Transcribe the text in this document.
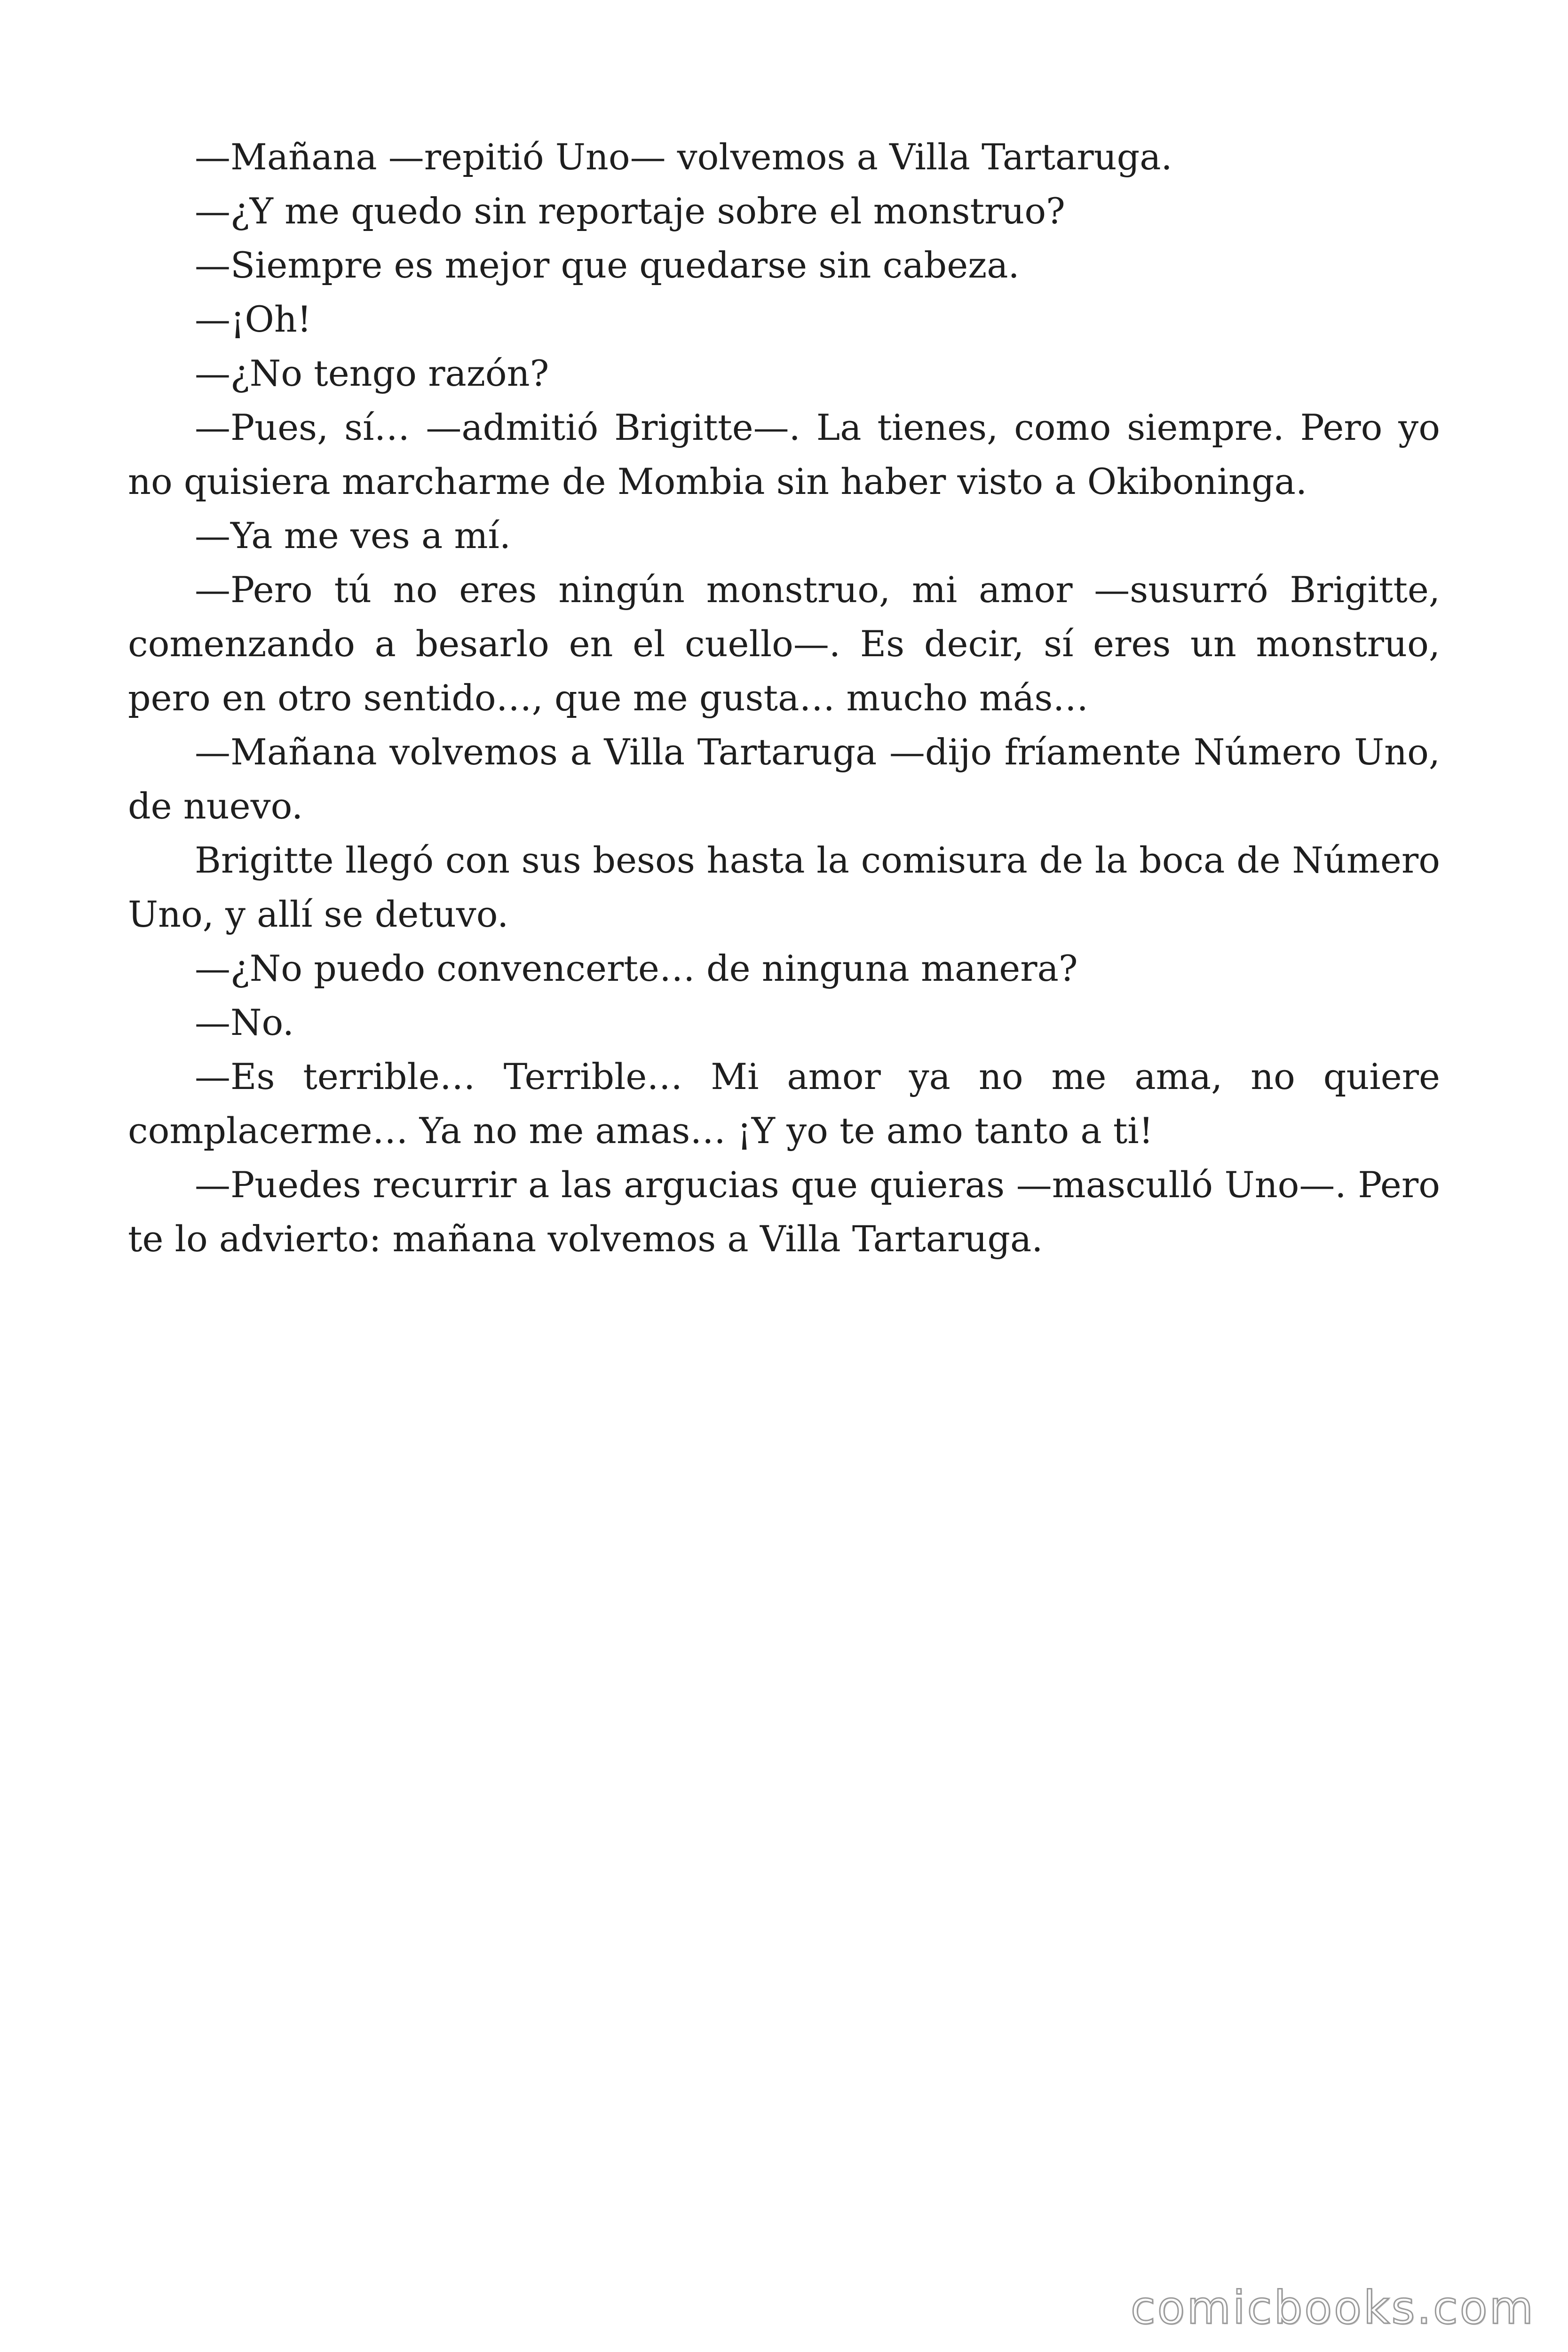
—Mañana —repitió Uno— volvemos a Villa Tartaruga.

—¿Y me quedo sin reportaje sobre el monstruo?

—Siempre es mejor que quedarse sin cabeza.

—¡Oh!

—¿No tengo razón?

—Pues, sí… —admitió Brigitte—. La tienes, como siempre. Pero yo no quisiera marcharme de Mombia sin haber visto a Okiboninga.

—Ya me ves a mí.

—Pero tú no eres ningún monstruo, mi amor —susurró Brigitte, comenzando a besarlo en el cuello—. Es decir, sí eres un monstruo, pero en otro sentido…, que me gusta… mucho más…

—Mañana volvemos a Villa Tartaruga —dijo fríamente Número Uno, de nuevo.

Brigitte llegó con sus besos hasta la comisura de la boca de Número Uno, y allí se detuvo.

—¿No puedo convencerte… de ninguna manera?

—No.

—Es terrible… Terrible… Mi amor ya no me ama, no quiere complacerme… Ya no me amas… ¡Y yo te amo tanto a ti!

—Puedes recurrir a las argucias que quieras —masculló Uno—. Pero te lo advierto: mañana volvemos a Villa Tartaruga.

comicbooks.com
